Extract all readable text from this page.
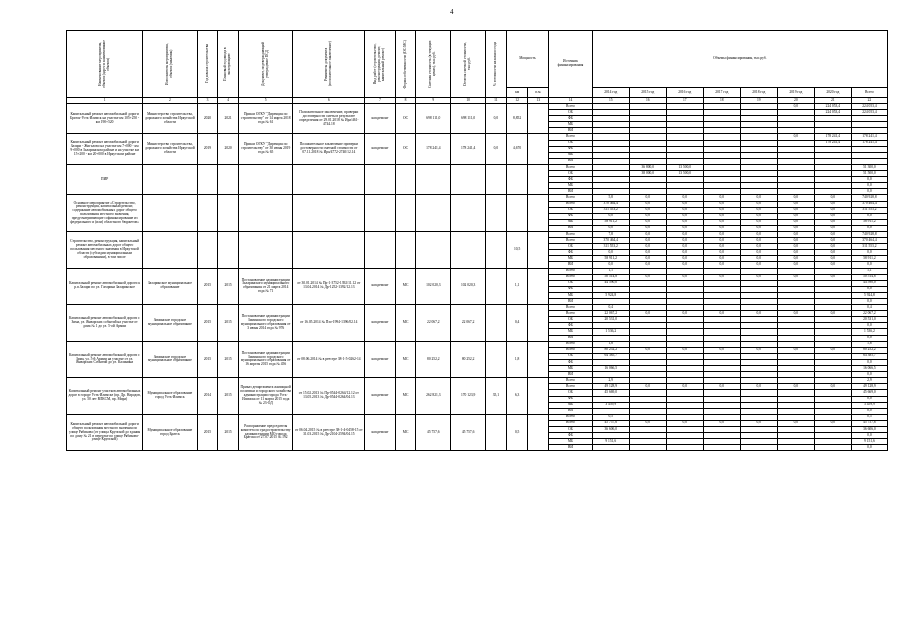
4
Наименование мероприятия, объекта (адрес и наименование объекта)	Исполнитель мероприятия, объекта (заказчик)	Год начала строительства	Плановый год ввода в эксплуатацию	Документ, подтверждающий утверждение ПСД	Реквизиты документа (положительное заключение)	Вид работ (строительство, реконструкция, ремонт, капитальный ремонт)	Форма собственности (ОС/МС)	Сметная стоимость (в текущих ценах), тыс.руб.	Остаток сметной стоимости, тыс.руб.	% готовности на начало года	Мощность		Источник финансирования	Объемы финансирования, тыс.руб.							
											км	п.м.		2014 год	2015 год	2016 год	2017 год	2018 год	2019 год	2020 год	Всего
1	2	3	4	5	6	7	8	9	10	11	12	13	14	15	16	17	18	19	20	21	22
Капитальный ремонт автомобильной дороги Братск-Усть-Илимск на участке км 105+250 - км 190+520	Министерство строительства, дорожного хозяйства Иркутской области	2020	2021	Приказ ОГКУ "Дирекция по строительству" от 14 марта 2018 года № 61	Положительное заключение, проверки достоверности сметы в результате определения от 29.01.2018 № Ира/461-4744.18	кап.ремонт	ОС	698 111,0	698 111,0	0,0	8,852		Всего						0,0	224 053,4	224 053,4
													ОБ							224 053,4	224 053,4
													ФБ								
													МБ								
													ВИ								
Капитальный ремонт автомобильной дороги Залари - Жигалово на участке км 7+000 - км 9+000 в Заларинском районе и на участке км 15+200 - км 20+000 в Иркутском районе	Министерство строительства, дорожного хозяйства Иркутской области	2019	2020	Приказ ОГКУ "Дирекция по строительству" от 30 июня 2019 года № 65	Положительное заключение проверки достоверности сметной стоимости от 07.11.2018 № Ира/4772-2740/12.14	кап.ремонт	ОС	178 241,4	178 241,4	0,0	4,670		Всего						0,0	178 241,4	178 241,4
													ОБ							178 241,4	178 241,4
													ФБ								
													МБ								
													ВИ								
ПИР													Всего		36 800,0	13 500,0					51 300,0
													ОБ		38 000,0	13 500,0					51 500,0
													ФБ								0,0
													МБ								0,0
													ВИ								0,0
Основное мероприятие «Строительство, реконструкция, капитальный ремонт, содержание автомобильных дорог общего пользования местного значения, предусматривающие софинансирование из федерального и (или) областного бюджетов»													Всего	5,8	0,0	0,0	0,0	0,0	0,0	0,0	740 928,8
													Всего	370 464,4	0,0	0,0	0,0	0,0	0,0	0,0	370 464,4
													ОБ	311 553,2	0,0	0,0	0,0	0,0	0,0	0,0	311 553,2
													ФБ	0,0	0,0	0,0	0,0	0,0	0,0	0,0	0,0
													МБ	58 911,2	0,0	0,0	0,0	0,0	0,0	0,0	58 911,2
													ВИ	0,0	0,0	0,0	0,0	0,0	0,0	0,0	0,0
Строительство, реконструкция, капитальный ремонт автомобильных дорог общего пользования местного значения в Иркутской области (субсидии муниципальным образованиям), в том числе											10,5		Всего	7,8	0,0	0,0	0,0	0,0	0,0	0,0	740 928,8
													Всего	370 464,4	0,0	0,0	0,0	0,0	0,0	0,0	370 464,4
													ОБ	311 553,2	0,0	0,0	0,0	0,0	0,0	0,0	311 553,2
													ФБ	0,0	0,0	0,0	0,0	0,0	0,0	0,0	0,0
													МБ	58 911,2	0,0	0,0	0,0	0,0	0,0	0,0	58 911,2
													ВИ	0,0	0,0	0,0	0,0	0,0	0,0	0,0	0,0
Капитальный ремонт автомобильной дороги к р.п.Залари по ул. Гагарина Заларинское	Заларинское муниципальное образование	2015	2015	Постановление администрации Заларинского муниципального образования от 21 марта 2014 года № 71	от 30.01.2014 № Пр-1-3752-1392/11.12 от 13.04.2014 № Др-1252-1392/12.13	кап.ремонт	МС	102 020,3	102 020,3		1,1		Всего	1,1							1,1
													Всего	50 514,8	0,0	0,0	0,0	0,0	0,0	0,0	50 514,8
													ОБ	44 590,0							44 590,0
													ФБ								0,0
													МБ	5 924,8							5 924,8
													ВИ								0,0
Капитальный ремонт автомобильной дороги г. Зима, ул. Январских событий на участке от дома № 1 до ул. 5-ой Армии	Зиминское городское муниципальное образование	2015	2015	Постановление администрации Зиминского городского муниципального образования от 3 июня 2014 года № 976	от 16.05.2014 № Пзо-1994-1396/02.14	кап.ремонт	МС	22 067,2	22 067,2		0,4		Всего	0,4							0,4
													Всего	22 067,2	0,0	0,0	0,0	0,0	0,0	0,0	22 067,2
													ОБ	20 531,0							20 531,0
													ФБ								0,0
													МБ	1 536,2							1 536,2
													ВИ								0,0
Капитальный ремонт автомобильной дороги г. Зима, ул. 5-й Армии на участке от ул. Январских Событий до ул. Калинина	Зиминское городское муниципальное образование	2015	2015	Постановление администрации Зиминского городского муниципального образования от 16 апреля 2015 года № 456	от 08.06.2014 № в реестре 38-1-5-0262-14	кап.ремонт	МС	80 252,2	80 252,2		1,8		Всего	1,8							1,8
													Всего	80 252,2	0,0	0,0	0,0	0,0	0,0	0,0	80 252,2
													ОБ	64 385,7							64 385,7
													ФБ								0,0
													МБ	16 066,5							16 066,5
													ВИ								0,0
Капитальный ремонт участков автомобильных дорог в городе Усть-Илимске (пр. Др. Народов, ул. 50 лет ВЛКСМ, пр. Мира)	Муниципальное образование город Усть-Илимск	2014	2015	Приказ департамента жилищной политики и городского хозяйства администрации города Усть-Илимска от 11 марта 2015 года № 23-ОД	от 15.02.2013 № Пр-0544-0264/12.12 от 13.05.2013 № Др-0544-0264/04.13	кап.ремонт	МС	262 821,3	170 123,9	35,1	6,3		Всего	2,9							2,9
													Всего	49 128,9	0,0	0,0	0,0	0,0	0,0	0,0	49 128,9
													ОБ	45 669,0							45 669,0
													ФБ								0,0
													МБ	3 459,9							3 459,9
													ВИ								0,0
Капитальный ремонт автомобильной дороги общего пользования местного значения по улице Рябикова (от улицы Крупской до здания по дому № 21 в переулке по улице Рябикова-улице Крупской)	Муниципальное образование город Братск	2015	2015	Распоряжение председателя комитета по градостроительству администрации МО города Братска от 27.07.2015 № 192	от 06.04.2015 № в реестре 38-1-4-0458-15 от 31.03.2015 № Др-2104-2594/04.15	кап.ремонт	МС	45 757,6	45 757,6		0,5		Всего	0,5							0,5
													Всего	45 757,6	0,0	0,0	0,0	0,0	0,0	0,0	45 757,6
													ОБ	36 606,0							36 606,0
													ФБ								0,0
													МБ	9 151,6							9 151,6
													ВИ								0,0
